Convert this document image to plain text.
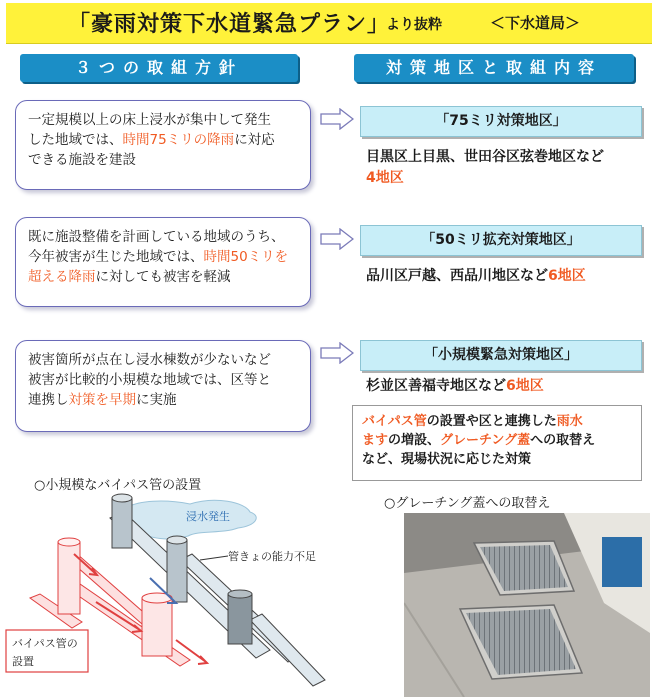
「豪雨対策下水道緊急プラン」
より抜粋	＜下水道局＞
３つの取組方針	対策地区と取組内容
一定規模以上の床上浸水が集中して発生
した地域では、時間75ミリの降雨に対応
できる施設を建設
既に施設整備を計画している地域のうち、
今年被害が生じた地域では、時間50ミリを
超える降雨に対しても被害を軽減
被害箇所が点在し浸水棟数が少ないなど
被害が比較的小規模な地域では、区等と
連携し対策を早期に実施
「75ミリ対策地区」
目黒区上目黒、世田谷区弦巻地区など
4地区
「50ミリ拡充対策地区」
品川区戸越、西品川地区など6地区
「小規模緊急対策地区」
杉並区善福寺地区など6地区
バイパス管の設置や区と連携した雨水
ますの増設、グレーチング蓋への取替え
など、現場状況に応じた対策
○小規模なバイパス管の設置
浸水発生
管きょの能力不足
バイパス管の
設置
○グレーチング蓋への取替え
